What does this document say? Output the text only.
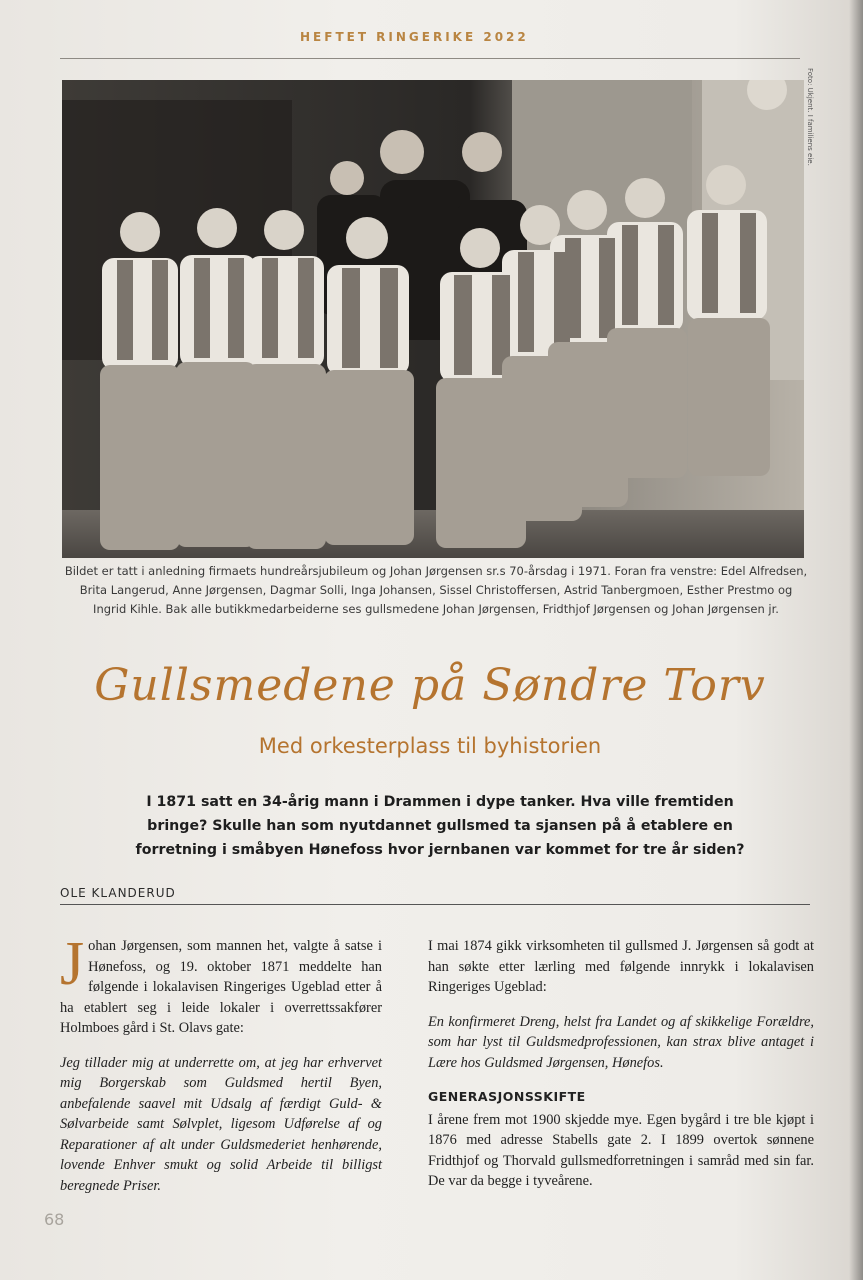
HEFTET RINGERIKE 2022
Foto: Ukjent. I familiens eie.
Bildet er tatt i anledning firmaets hundreårsjubileum og Johan Jørgensen sr.s 70-årsdag i 1971. Foran fra venstre: Edel Alfredsen, Brita Langerud, Anne Jørgensen, Dagmar Solli, Inga Johansen, Sissel Christoffersen, Astrid Tanbergmoen, Esther Prestmo og Ingrid Kihle. Bak alle butikkmedarbeiderne ses gullsmedene Johan Jørgensen, Fridthjof Jørgensen og Johan Jørgensen jr.
Gullsmedene på Søndre Torv
Med orkesterplass til byhistorien
I 1871 satt en 34-årig mann i Drammen i dype tanker. Hva ville fremtiden bringe? Skulle han som nyutdannet gullsmed ta sjansen på å etablere en forretning i småbyen Hønefoss hvor jernbanen var kommet for tre år siden?
OLE KLANDERUD

Johan Jørgensen, som mannen het, valgte å satse i Hønefoss, og 19. oktober 1871 meddelte han følgende i lokalavisen Ringeriges Ugeblad etter å ha etablert seg i leide lokaler i overrettssakfører Holmboes gård i St. Olavs gate:

Jeg tillader mig at underrette om, at jeg har erhvervet mig Borgerskab som Guldsmed hertil Byen, anbefalende saavel mit Udsalg af færdigt Guld- & Sølvarbeide samt Sølvplet, ligesom Udførelse af og Reparationer af alt under Guldsmederiet henhørende, lovende Enhver smukt og solid Arbeide til billigst beregnede Priser.

I mai 1874 gikk virksomheten til gullsmed J. Jørgensen så godt at han søkte etter lærling med følgende innrykk i lokalavisen Ringeriges Ugeblad:

En konfirmeret Dreng, helst fra Landet og af skikkelige Forældre, som har lyst til Guldsmedprofessionen, kan strax blive antaget i Lære hos Guldsmed Jørgensen, Hønefos.

GENERASJONSSKIFTE

I årene frem mot 1900 skjedde mye. Egen bygård i tre ble kjøpt i 1876 med adresse Stabells gate 2. I 1899 overtok sønnene Fridthjof og Thorvald gullsmedforretningen i samråd med sin far. De var da begge i tyveårene.

68
